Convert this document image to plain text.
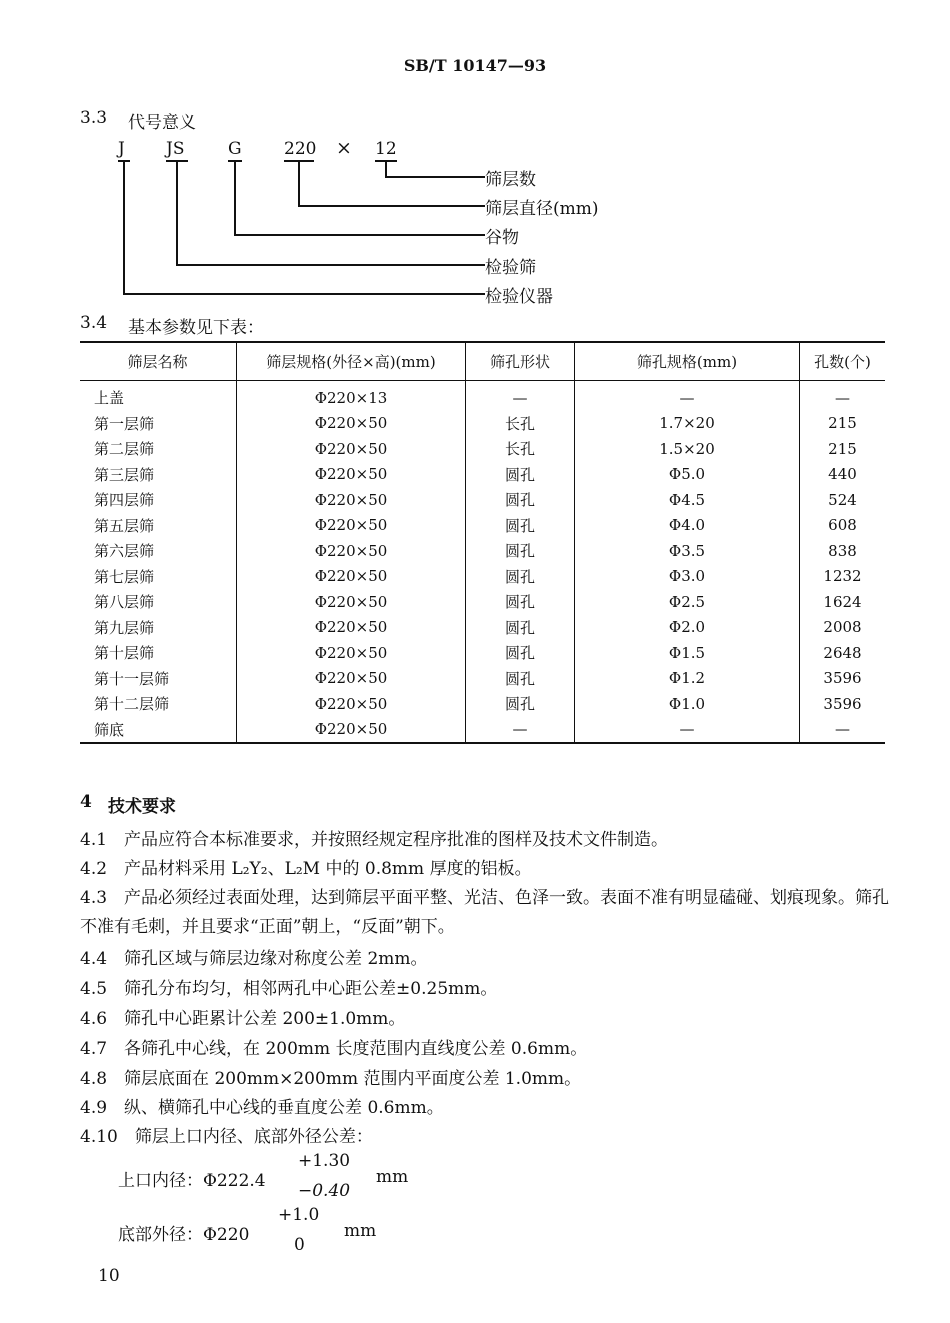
SB/T 10147—93
3.3 代号意义
J JS	G 220 × 12
筛层数
筛层直径(mm)
谷物
检验筛
检验仪器
3.4 基本参数见下表：
筛层名称	筛层规格(外径×高)(mm)	筛孔形状	筛孔规格(mm)	孔数(个)
上盖	Φ220×13	—	—	—
第一层筛	Φ220×50	长孔	1.7×20	215
第二层筛	Φ220×50	长孔	1.5×20	215
第三层筛	Φ220×50	圆孔	Φ5.0	440
第四层筛	Φ220×50	圆孔	Φ4.5	524
第五层筛	Φ220×50	圆孔	Φ4.0	608
第六层筛	Φ220×50	圆孔	Φ3.5	838
第七层筛	Φ220×50	圆孔	Φ3.0	1232
第八层筛	Φ220×50	圆孔	Φ2.5	1624
第九层筛	Φ220×50	圆孔	Φ2.0	2008
第十层筛	Φ220×50	圆孔	Φ1.5	2648
第十一层筛	Φ220×50	圆孔	Φ1.2	3596
第十二层筛	Φ220×50	圆孔	Φ1.0	3596
筛底	Φ220×50	—	—	—
4 技术要求
4.1　产品应符合本标准要求，并按照经规定程序批准的图样及技术文件制造。
4.2　产品材料采用 L₂Y₂、L₂M 中的 0.8mm 厚度的铝板。
4.3　产品必须经过表面处理，达到筛层平面平整、光洁、色泽一致。表面不准有明显磕碰、划痕现象。筛孔不准有毛刺，并且要求“正面”朝上，“反面”朝下。
4.4　筛孔区域与筛层边缘对称度公差 2mm。
4.5　筛孔分布均匀，相邻两孔中心距公差±0.25mm。
4.6　筛孔中心距累计公差 200±1.0mm。
4.7　各筛孔中心线，在 200mm 长度范围内直线度公差 0.6mm。
4.8　筛层底面在 200mm×200mm 范围内平面度公差 1.0mm。
4.9　纵、横筛孔中心线的垂直度公差 0.6mm。
4.10　筛层上口内径、底部外径公差：
上口内径：Φ222.4
+1.30
−0.40
mm
底部外径：Φ220
+1.0
0
mm
10
